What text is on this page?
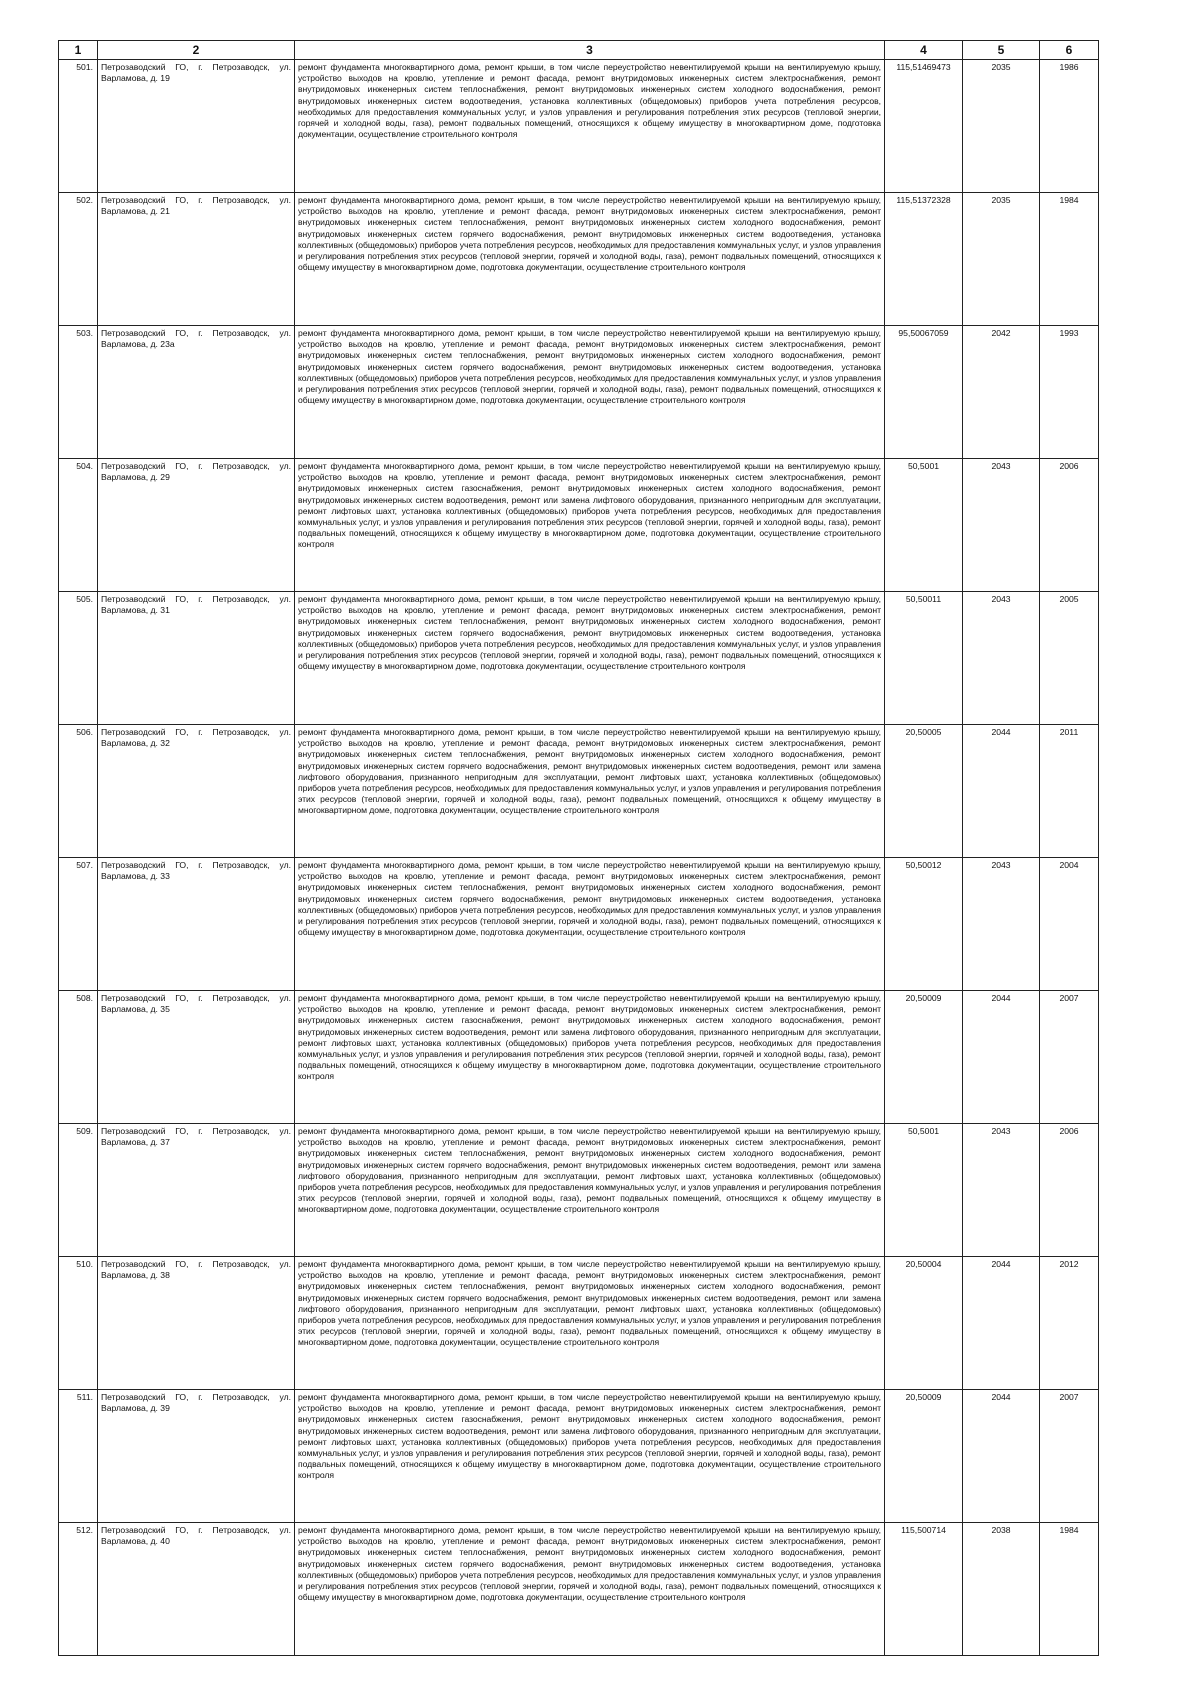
1	2	3	4	5	6
501.	Петрозаводский ГО, г. Петрозаводск, ул. Варламова, д. 19	ремонт фундамента многоквартирного дома, ремонт крыши, в том числе переустройство невентилируемой крыши на вентилируемую крышу, устройство выходов на кровлю, утепление и ремонт фасада, ремонт внутридомовых инженерных систем электроснабжения, ремонт внутридомовых инженерных систем теплоснабжения, ремонт внутридомовых инженерных систем холодного водоснабжения, ремонт внутридомовых инженерных систем водоотведения, установка коллективных (общедомовых) приборов учета потребления ресурсов, необходимых для предоставления коммунальных услуг, и узлов управления и регулирования потребления этих ресурсов (тепловой энергии, горячей и холодной воды, газа), ремонт подвальных помещений, относящихся к общему имуществу в многоквартирном доме, подготовка документации, осуществление строительного контроля	115,51469473	2035	1986
502.	Петрозаводский ГО, г. Петрозаводск, ул. Варламова, д. 21	ремонт фундамента многоквартирного дома, ремонт крыши, в том числе переустройство невентилируемой крыши на вентилируемую крышу, устройство выходов на кровлю, утепление и ремонт фасада, ремонт внутридомовых инженерных систем электроснабжения, ремонт внутридомовых инженерных систем теплоснабжения, ремонт внутридомовых инженерных систем холодного водоснабжения, ремонт внутридомовых инженерных систем горячего водоснабжения, ремонт внутридомовых инженерных систем водоотведения, установка коллективных (общедомовых) приборов учета потребления ресурсов, необходимых для предоставления коммунальных услуг, и узлов управления и регулирования потребления этих ресурсов (тепловой энергии, горячей и холодной воды, газа), ремонт подвальных помещений, относящихся к общему имуществу в многоквартирном доме, подготовка документации, осуществление строительного контроля	115,51372328	2035	1984
503.	Петрозаводский ГО, г. Петрозаводск, ул. Варламова, д. 23а	ремонт фундамента многоквартирного дома, ремонт крыши, в том числе переустройство невентилируемой крыши на вентилируемую крышу, устройство выходов на кровлю, утепление и ремонт фасада, ремонт внутридомовых инженерных систем электроснабжения, ремонт внутридомовых инженерных систем теплоснабжения, ремонт внутридомовых инженерных систем холодного водоснабжения, ремонт внутридомовых инженерных систем горячего водоснабжения, ремонт внутридомовых инженерных систем водоотведения, установка коллективных (общедомовых) приборов учета потребления ресурсов, необходимых для предоставления коммунальных услуг, и узлов управления и регулирования потребления этих ресурсов (тепловой энергии, горячей и холодной воды, газа), ремонт подвальных помещений, относящихся к общему имуществу в многоквартирном доме, подготовка документации, осуществление строительного контроля	95,50067059	2042	1993
504.	Петрозаводский ГО, г. Петрозаводск, ул. Варламова, д. 29	ремонт фундамента многоквартирного дома, ремонт крыши, в том числе переустройство невентилируемой крыши на вентилируемую крышу, устройство выходов на кровлю, утепление и ремонт фасада, ремонт внутридомовых инженерных систем электроснабжения, ремонт внутридомовых инженерных систем газоснабжения, ремонт внутридомовых инженерных систем холодного водоснабжения, ремонт внутридомовых инженерных систем водоотведения, ремонт или замена лифтового оборудования, признанного непригодным для эксплуатации, ремонт лифтовых шахт, установка коллективных (общедомовых) приборов учета потребления ресурсов, необходимых для предоставления коммунальных услуг, и узлов управления и регулирования потребления этих ресурсов (тепловой энергии, горячей и холодной воды, газа), ремонт подвальных помещений, относящихся к общему имуществу в многоквартирном доме, подготовка документации, осуществление строительного контроля	50,5001	2043	2006
505.	Петрозаводский ГО, г. Петрозаводск, ул. Варламова, д. 31	ремонт фундамента многоквартирного дома, ремонт крыши, в том числе переустройство невентилируемой крыши на вентилируемую крышу, устройство выходов на кровлю, утепление и ремонт фасада, ремонт внутридомовых инженерных систем электроснабжения, ремонт внутридомовых инженерных систем теплоснабжения, ремонт внутридомовых инженерных систем холодного водоснабжения, ремонт внутридомовых инженерных систем горячего водоснабжения, ремонт внутридомовых инженерных систем водоотведения, установка коллективных (общедомовых) приборов учета потребления ресурсов, необходимых для предоставления коммунальных услуг, и узлов управления и регулирования потребления этих ресурсов (тепловой энергии, горячей и холодной воды, газа), ремонт подвальных помещений, относящихся к общему имуществу в многоквартирном доме, подготовка документации, осуществление строительного контроля	50,50011	2043	2005
506.	Петрозаводский ГО, г. Петрозаводск, ул. Варламова, д. 32	ремонт фундамента многоквартирного дома, ремонт крыши, в том числе переустройство невентилируемой крыши на вентилируемую крышу, устройство выходов на кровлю, утепление и ремонт фасада, ремонт внутридомовых инженерных систем электроснабжения, ремонт внутридомовых инженерных систем теплоснабжения, ремонт внутридомовых инженерных систем холодного водоснабжения, ремонт внутридомовых инженерных систем горячего водоснабжения, ремонт внутридомовых инженерных систем водоотведения, ремонт или замена лифтового оборудования, признанного непригодным для эксплуатации, ремонт лифтовых шахт, установка коллективных (общедомовых) приборов учета потребления ресурсов, необходимых для предоставления коммунальных услуг, и узлов управления и регулирования потребления этих ресурсов (тепловой энергии, горячей и холодной воды, газа), ремонт подвальных помещений, относящихся к общему имуществу в многоквартирном доме, подготовка документации, осуществление строительного контроля	20,50005	2044	2011
507.	Петрозаводский ГО, г. Петрозаводск, ул. Варламова, д. 33	ремонт фундамента многоквартирного дома, ремонт крыши, в том числе переустройство невентилируемой крыши на вентилируемую крышу, устройство выходов на кровлю, утепление и ремонт фасада, ремонт внутридомовых инженерных систем электроснабжения, ремонт внутридомовых инженерных систем теплоснабжения, ремонт внутридомовых инженерных систем холодного водоснабжения, ремонт внутридомовых инженерных систем горячего водоснабжения, ремонт внутридомовых инженерных систем водоотведения, установка коллективных (общедомовых) приборов учета потребления ресурсов, необходимых для предоставления коммунальных услуг, и узлов управления и регулирования потребления этих ресурсов (тепловой энергии, горячей и холодной воды, газа), ремонт подвальных помещений, относящихся к общему имуществу в многоквартирном доме, подготовка документации, осуществление строительного контроля	50,50012	2043	2004
508.	Петрозаводский ГО, г. Петрозаводск, ул. Варламова, д. 35	ремонт фундамента многоквартирного дома, ремонт крыши, в том числе переустройство невентилируемой крыши на вентилируемую крышу, устройство выходов на кровлю, утепление и ремонт фасада, ремонт внутридомовых инженерных систем электроснабжения, ремонт внутридомовых инженерных систем газоснабжения, ремонт внутридомовых инженерных систем холодного водоснабжения, ремонт внутридомовых инженерных систем водоотведения, ремонт или замена лифтового оборудования, признанного непригодным для эксплуатации, ремонт лифтовых шахт, установка коллективных (общедомовых) приборов учета потребления ресурсов, необходимых для предоставления коммунальных услуг, и узлов управления и регулирования потребления этих ресурсов (тепловой энергии, горячей и холодной воды, газа), ремонт подвальных помещений, относящихся к общему имуществу в многоквартирном доме, подготовка документации, осуществление строительного контроля	20,50009	2044	2007
509.	Петрозаводский ГО, г. Петрозаводск, ул. Варламова, д. 37	ремонт фундамента многоквартирного дома, ремонт крыши, в том числе переустройство невентилируемой крыши на вентилируемую крышу, устройство выходов на кровлю, утепление и ремонт фасада, ремонт внутридомовых инженерных систем электроснабжения, ремонт внутридомовых инженерных систем теплоснабжения, ремонт внутридомовых инженерных систем холодного водоснабжения, ремонт внутридомовых инженерных систем горячего водоснабжения, ремонт внутридомовых инженерных систем водоотведения, ремонт или замена лифтового оборудования, признанного непригодным для эксплуатации, ремонт лифтовых шахт, установка коллективных (общедомовых) приборов учета потребления ресурсов, необходимых для предоставления коммунальных услуг, и узлов управления и регулирования потребления этих ресурсов (тепловой энергии, горячей и холодной воды, газа), ремонт подвальных помещений, относящихся к общему имуществу в многоквартирном доме, подготовка документации, осуществление строительного контроля	50,5001	2043	2006
510.	Петрозаводский ГО, г. Петрозаводск, ул. Варламова, д. 38	ремонт фундамента многоквартирного дома, ремонт крыши, в том числе переустройство невентилируемой крыши на вентилируемую крышу, устройство выходов на кровлю, утепление и ремонт фасада, ремонт внутридомовых инженерных систем электроснабжения, ремонт внутридомовых инженерных систем теплоснабжения, ремонт внутридомовых инженерных систем холодного водоснабжения, ремонт внутридомовых инженерных систем горячего водоснабжения, ремонт внутридомовых инженерных систем водоотведения, ремонт или замена лифтового оборудования, признанного непригодным для эксплуатации, ремонт лифтовых шахт, установка коллективных (общедомовых) приборов учета потребления ресурсов, необходимых для предоставления коммунальных услуг, и узлов управления и регулирования потребления этих ресурсов (тепловой энергии, горячей и холодной воды, газа), ремонт подвальных помещений, относящихся к общему имуществу в многоквартирном доме, подготовка документации, осуществление строительного контроля	20,50004	2044	2012
511.	Петрозаводский ГО, г. Петрозаводск, ул. Варламова, д. 39	ремонт фундамента многоквартирного дома, ремонт крыши, в том числе переустройство невентилируемой крыши на вентилируемую крышу, устройство выходов на кровлю, утепление и ремонт фасада, ремонт внутридомовых инженерных систем электроснабжения, ремонт внутридомовых инженерных систем газоснабжения, ремонт внутридомовых инженерных систем холодного водоснабжения, ремонт внутридомовых инженерных систем водоотведения, ремонт или замена лифтового оборудования, признанного непригодным для эксплуатации, ремонт лифтовых шахт, установка коллективных (общедомовых) приборов учета потребления ресурсов, необходимых для предоставления коммунальных услуг, и узлов управления и регулирования потребления этих ресурсов (тепловой энергии, горячей и холодной воды, газа), ремонт подвальных помещений, относящихся к общему имуществу в многоквартирном доме, подготовка документации, осуществление строительного контроля	20,50009	2044	2007
512.	Петрозаводский ГО, г. Петрозаводск, ул. Варламова, д. 40	ремонт фундамента многоквартирного дома, ремонт крыши, в том числе переустройство невентилируемой крыши на вентилируемую крышу, устройство выходов на кровлю, утепление и ремонт фасада, ремонт внутридомовых инженерных систем электроснабжения, ремонт внутридомовых инженерных систем теплоснабжения, ремонт внутридомовых инженерных систем холодного водоснабжения, ремонт внутридомовых инженерных систем горячего водоснабжения, ремонт внутридомовых инженерных систем водоотведения, установка коллективных (общедомовых) приборов учета потребления ресурсов, необходимых для предоставления коммунальных услуг, и узлов управления и регулирования потребления этих ресурсов (тепловой энергии, горячей и холодной воды, газа), ремонт подвальных помещений, относящихся к общему имуществу в многоквартирном доме, подготовка документации, осуществление строительного контроля	115,500714	2038	1984
